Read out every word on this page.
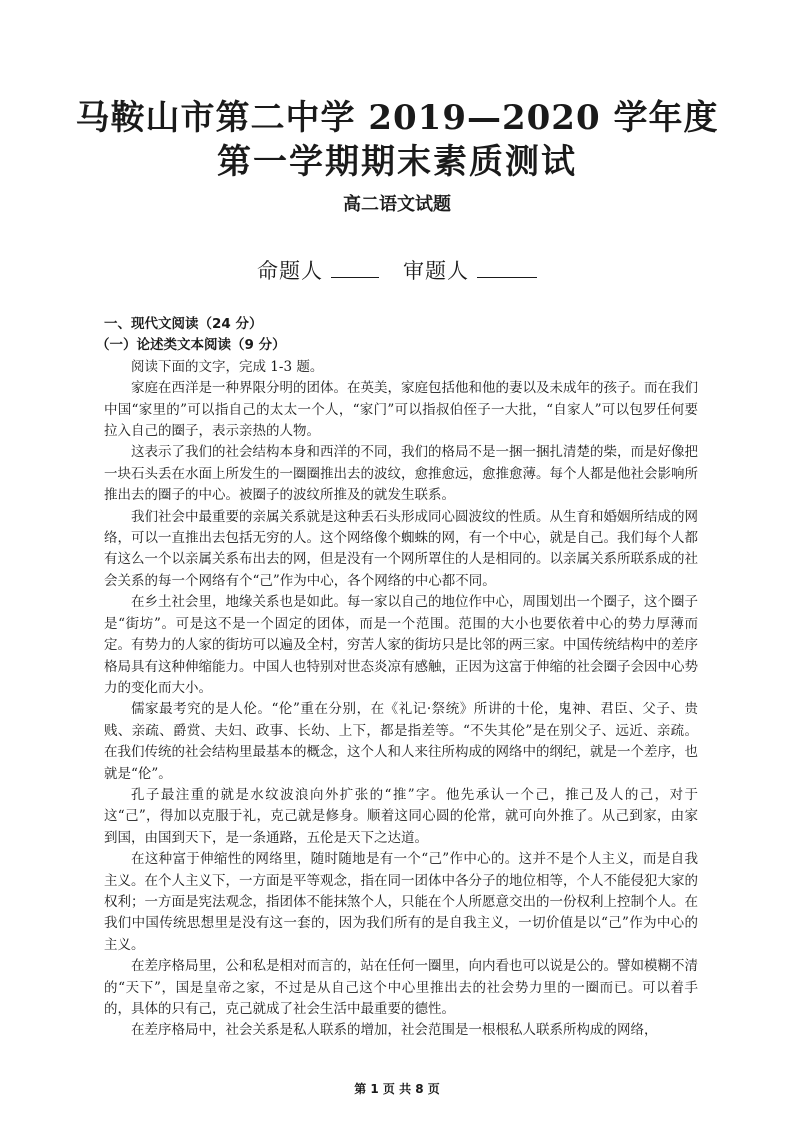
马鞍山市第二中学 2019—2020 学年度
第一学期期末素质测试
高二语文试题
命题人	审题人
一、现代文阅读（24 分）
（一）论述类文本阅读（9 分）
阅读下面的文字，完成 1-3 题。

家庭在西洋是一种界限分明的团体。在英美，家庭包括他和他的妻以及未成年的孩子。而在我们中国“家里的”可以指自己的太太一个人，“家门”可以指叔伯侄子一大批，“自家人”可以包罗任何要拉入自己的圈子，表示亲热的人物。

这表示了我们的社会结构本身和西洋的不同，我们的格局不是一捆一捆扎清楚的柴，而是好像把一块石头丢在水面上所发生的一圈圈推出去的波纹，愈推愈远，愈推愈薄。每个人都是他社会影响所推出去的圈子的中心。被圈子的波纹所推及的就发生联系。

我们社会中最重要的亲属关系就是这种丢石头形成同心圆波纹的性质。从生育和婚姻所结成的网络，可以一直推出去包括无穷的人。这个网络像个蜘蛛的网，有一个中心，就是自己。我们每个人都有这么一个以亲属关系布出去的网，但是没有一个网所罩住的人是相同的。以亲属关系所联系成的社会关系的每一个网络有个“己”作为中心，各个网络的中心都不同。

在乡土社会里，地缘关系也是如此。每一家以自己的地位作中心，周围划出一个圈子，这个圈子是“街坊”。可是这不是一个固定的团体，而是一个范围。范围的大小也要依着中心的势力厚薄而定。有势力的人家的街坊可以遍及全村，穷苦人家的街坊只是比邻的两三家。中国传统结构中的差序格局具有这种伸缩能力。中国人也特别对世态炎凉有感触，正因为这富于伸缩的社会圈子会因中心势力的变化而大小。

儒家最考究的是人伦。“伦”重在分别，在《礼记·祭统》所讲的十伦，鬼神、君臣、父子、贵贱、亲疏、爵赏、夫妇、政事、长幼、上下，都是指差等。“不失其伦”是在别父子、远近、亲疏。在我们传统的社会结构里最基本的概念，这个人和人来往所构成的网络中的纲纪，就是一个差序，也就是“伦”。

孔子最注重的就是水纹波浪向外扩张的“推”字。他先承认一个己，推己及人的己，对于这“己”，得加以克服于礼，克己就是修身。顺着这同心圆的伦常，就可向外推了。从己到家，由家到国，由国到天下，是一条通路，五伦是天下之达道。

在这种富于伸缩性的网络里，随时随地是有一个“己”作中心的。这并不是个人主义，而是自我主义。在个人主义下，一方面是平等观念，指在同一团体中各分子的地位相等，个人不能侵犯大家的权利；一方面是宪法观念，指团体不能抹煞个人，只能在个人所愿意交出的一份权利上控制个人。在我们中国传统思想里是没有这一套的，因为我们所有的是自我主义，一切价值是以“己”作为中心的主义。

在差序格局里，公和私是相对而言的，站在任何一圈里，向内看也可以说是公的。譬如模糊不清的“天下”，国是皇帝之家，不过是从自己这个中心里推出去的社会势力里的一圈而已。可以着手的，具体的只有己，克己就成了社会生活中最重要的德性。

在差序格局中，社会关系是私人联系的增加，社会范围是一根根私人联系所构成的网络，

第 1 页 共 8 页
